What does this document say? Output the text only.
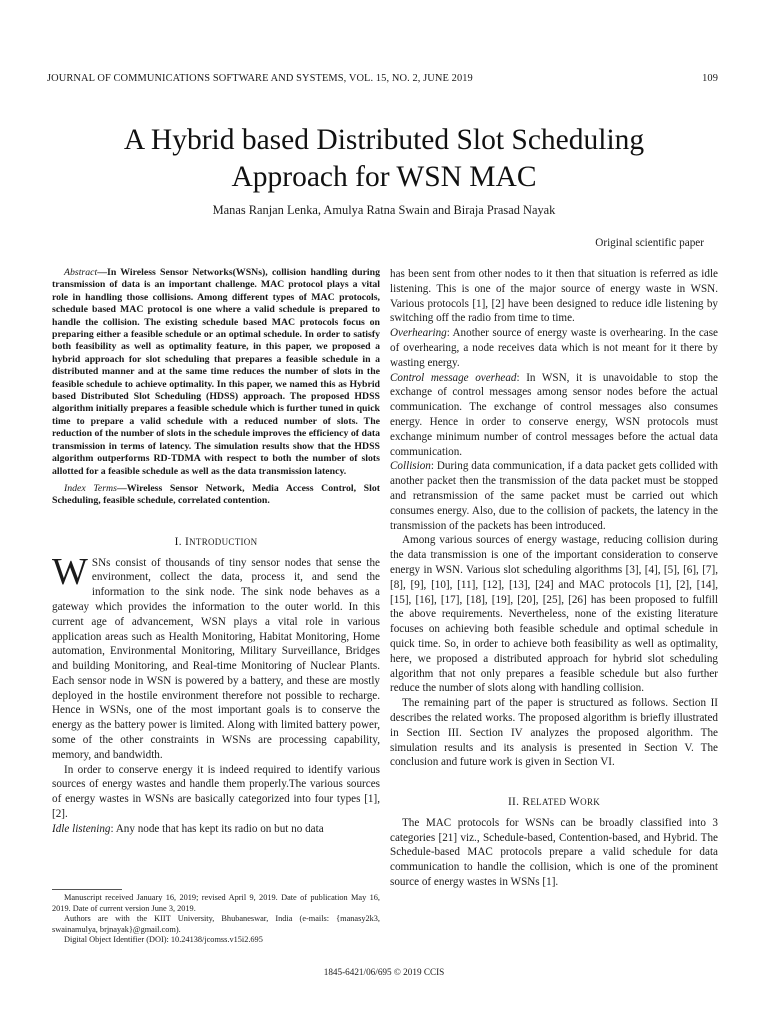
JOURNAL OF COMMUNICATIONS SOFTWARE AND SYSTEMS, VOL. 15, NO. 2, JUNE 2019	109
A Hybrid based Distributed Slot Scheduling
Approach for WSN MAC
Manas Ranjan Lenka, Amulya Ratna Swain and Biraja Prasad Nayak
Original scientific paper

Abstract—In Wireless Sensor Networks(WSNs), collision handling during transmission of data is an important challenge. MAC protocol plays a vital role in handling those collisions. Among different types of MAC protocols, schedule based MAC protocol is one where a valid schedule is prepared to handle the collision. The existing schedule based MAC protocols focus on preparing either a feasible schedule or an optimal schedule. In order to satisfy both feasibility as well as optimality feature, in this paper, we proposed a hybrid approach for slot scheduling that prepares a feasible schedule in a distributed manner and at the same time reduces the number of slots in the feasible schedule to achieve optimality. In this paper, we named this as Hybrid based Distributed Slot Scheduling (HDSS) approach. The proposed HDSS algorithm initially prepares a feasible schedule which is further tuned in quick time to prepare a valid schedule with a reduced number of slots. The reduction of the number of slots in the schedule improves the efficiency of data transmission in terms of latency. The simulation results show that the HDSS algorithm outperforms RD-TDMA with respect to both the number of slots allotted for a feasible schedule as well as the data transmission latency.

Index Terms—Wireless Sensor Network, Media Access Control, Slot Scheduling, feasible schedule, correlated contention.

I. INTRODUCTION

W SNs consist of thousands of tiny sensor nodes that sense the environment, collect the data, process it, and send the information to the sink node. The sink node behaves as a gateway which provides the information to the outer world. In this current age of advancement, WSN plays a vital role in various application areas such as Health Monitoring, Habitat Monitoring, Home automation, Environmental Monitoring, Military Surveillance, Bridges and building Monitoring, and Real-time Monitoring of Nuclear Plants. Each sensor node in WSN is powered by a battery, and these are mostly deployed in the hostile environment therefore not possible to recharge. Hence in WSNs, one of the most important goals is to conserve the energy as the battery power is limited. Along with limited battery power, some of the other constraints in WSNs are processing capability, memory, and bandwidth.

In order to conserve energy it is indeed required to identify various sources of energy wastes and handle them properly.The various sources of energy wastes in WSNs are basically categorized into four types [1], [2].

Idle listening: Any node that has kept its radio on but no data

has been sent from other nodes to it then that situation is referred as idle listening. This is one of the major source of energy waste in WSN. Various protocols [1], [2] have been designed to reduce idle listening by switching off the radio from time to time.

Overhearing: Another source of energy waste is overhearing. In the case of overhearing, a node receives data which is not meant for it there by wasting energy.

Control message overhead: In WSN, it is unavoidable to stop the exchange of control messages among sensor nodes before the actual communication. The exchange of control messages also consumes energy. Hence in order to conserve energy, WSN protocols must exchange minimum number of control messages before the actual data communication.

Collision: During data communication, if a data packet gets collided with another packet then the transmission of the data packet must be stopped and retransmission of the same packet must be carried out which consumes energy. Also, due to the collision of packets, the latency in the transmission of the packets has been introduced.

Among various sources of energy wastage, reducing collision during the data transmission is one of the important consideration to conserve energy in WSN. Various slot scheduling algorithms [3], [4], [5], [6], [7], [8], [9], [10], [11], [12], [13], [24] and MAC protocols [1], [2], [14], [15], [16], [17], [18], [19], [20], [25], [26] has been proposed to fulfill the above requirements. Nevertheless, none of the existing literature focuses on achieving both feasible schedule and optimal schedule in quick time. So, in order to achieve both feasibility as well as optimality, here, we proposed a distributed approach for hybrid slot scheduling algorithm that not only prepares a feasible schedule but also further reduce the number of slots along with handling collision.

The remaining part of the paper is structured as follows. Section II describes the related works. The proposed algorithm is briefly illustrated in Section III. Section IV analyzes the proposed algorithm. The simulation results and its analysis is presented in Section V. The conclusion and future work is given in Section VI.

II. RELATED WORK

The MAC protocols for WSNs can be broadly classified into 3 categories [21] viz., Schedule-based, Contention-based, and Hybrid. The Schedule-based MAC protocols prepare a valid schedule for data communication to handle the collision, which is one of the prominent source of energy wastes in WSNs [1].

Manuscript received January 16, 2019; revised April 9, 2019. Date of publication May 16, 2019. Date of current version June 3, 2019.

Authors are with the KIIT University, Bhubaneswar, India (e-mails: {manasy2k3, swainamulya, brjnayak}@gmail.com).

Digital Object Identifier (DOI): 10.24138/jcomss.v15i2.695

1845-6421/06/695 © 2019 CCIS
